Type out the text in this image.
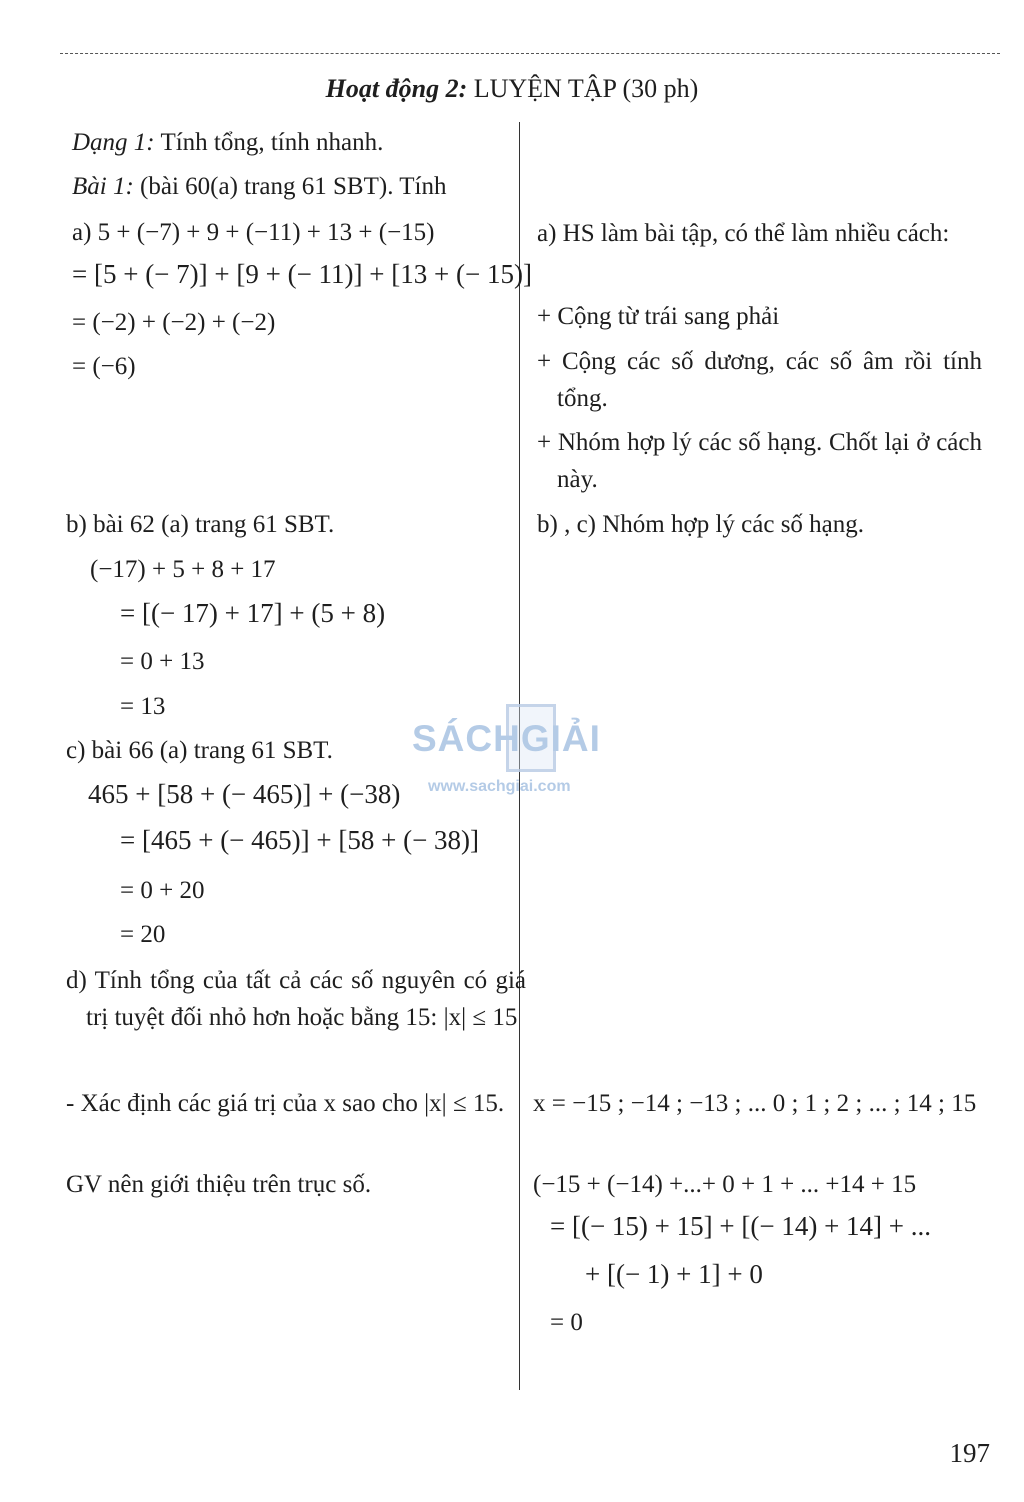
Hoạt động 2: LUYỆN TẬP (30 ph)
Dạng 1: Tính tổng, tính nhanh.
Bài 1: (bài 60(a) trang 61 SBT). Tính
a) 5 + (−7) + 9 + (−11) + 13 + (−15)
= [5 + (− 7)] + [9 + (− 11)] + [13 + (− 15)]
= (−2) + (−2) + (−2)
= (−6)
b) bài 62 (a) trang 61 SBT.
(−17) + 5 + 8 + 17
= [(− 17) + 17] + (5 + 8)
= 0 + 13
= 13
c) bài 66 (a) trang 61 SBT.
465 + [58 + (− 465)] + (−38)
= [465 + (− 465)] + [58 + (− 38)]
= 0 + 20
= 20
d) Tính tổng của tất cả các số nguyên có giá trị tuyệt đối nhỏ hơn hoặc bằng 15: |x| ≤ 15
- Xác định các giá trị của x sao cho |x| ≤ 15.
GV nên giới thiệu trên trục số.
a) HS làm bài tập, có thể làm nhiều cách:
+ Cộng từ trái sang phải
+ Cộng các số dương, các số âm rồi tính tổng.
+ Nhóm hợp lý các số hạng. Chốt lại ở cách này.
b) , c) Nhóm hợp lý các số hạng.
x = −15 ; −14 ; −13 ; ... 0 ; 1 ; 2 ; ... ; 14 ; 15
(−15 + (−14) +...+ 0 + 1 + ... +14 + 15
= [(− 15) + 15] + [(− 14) + 14] + ...
+ [(− 1) + 1] + 0
= 0
SÁCHGIẢI
www.sachgiai.com
197
